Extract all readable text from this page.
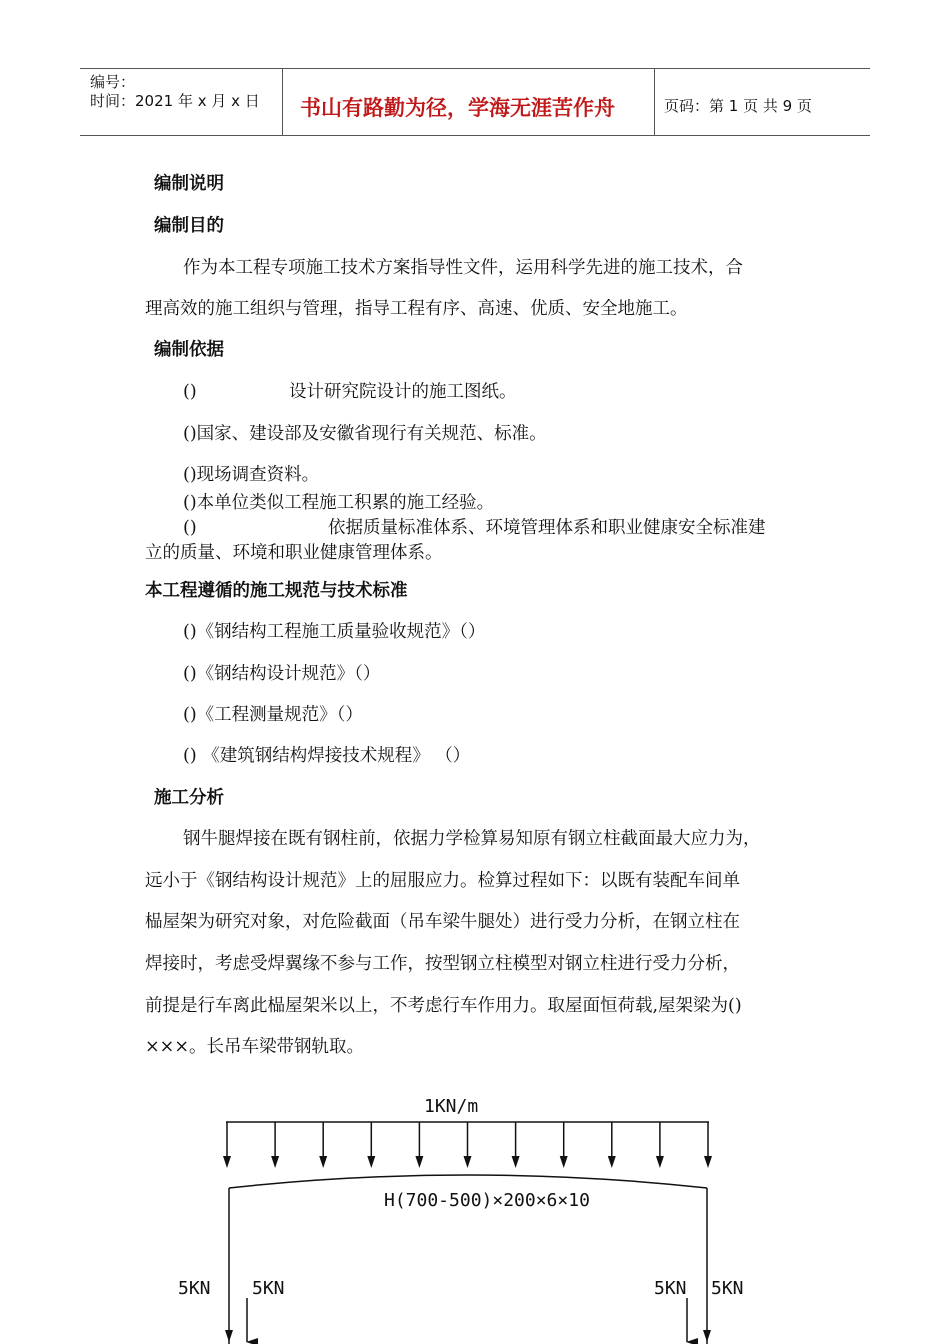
编号：
时间：2021 年 x 月 x 日 书山有路勤为径，学海无涯苦作舟	页码：第 1 页 共 9 页
编制说明
编制目的
作为本工程专项施工技术方案指导性文件，运用科学先进的施工技术，合
理高效的施工组织与管理，指导工程有序、高速、优质、安全地施工。
编制依据
()	设计研究院设计的施工图纸。
()国家、建设部及安徽省现行有关规范、标准。
()现场调查资料。
()本单位类似工程施工积累的施工经验。
()	依据质量标准体系、环境管理体系和职业健康安全标准建
立的质量、环境和职业健康管理体系。
本工程遵循的施工规范与技术标准
()《钢结构工程施工质量验收规范》（）
()《钢结构设计规范》（）
()《工程测量规范》（）
() 《建筑钢结构焊接技术规程》 （）
施工分析
钢牛腿焊接在既有钢柱前，依据力学检算易知原有钢立柱截面最大应力为，
远小于《钢结构设计规范》上的屈服应力。检算过程如下：以既有装配车间单
榀屋架为研究对象，对危险截面（吊车梁牛腿处）进行受力分析，在钢立柱在
焊接时，考虑受焊翼缘不参与工作，按型钢立柱模型对钢立柱进行受力分析，
前提是行车离此榀屋架米以上，不考虑行车作用力。取屋面恒荷载,屋架梁为()
×××。长吊车梁带钢轨取。
1KN/m
H(700-500)×200×6×10
5KN 5KN	5KN 5KN
